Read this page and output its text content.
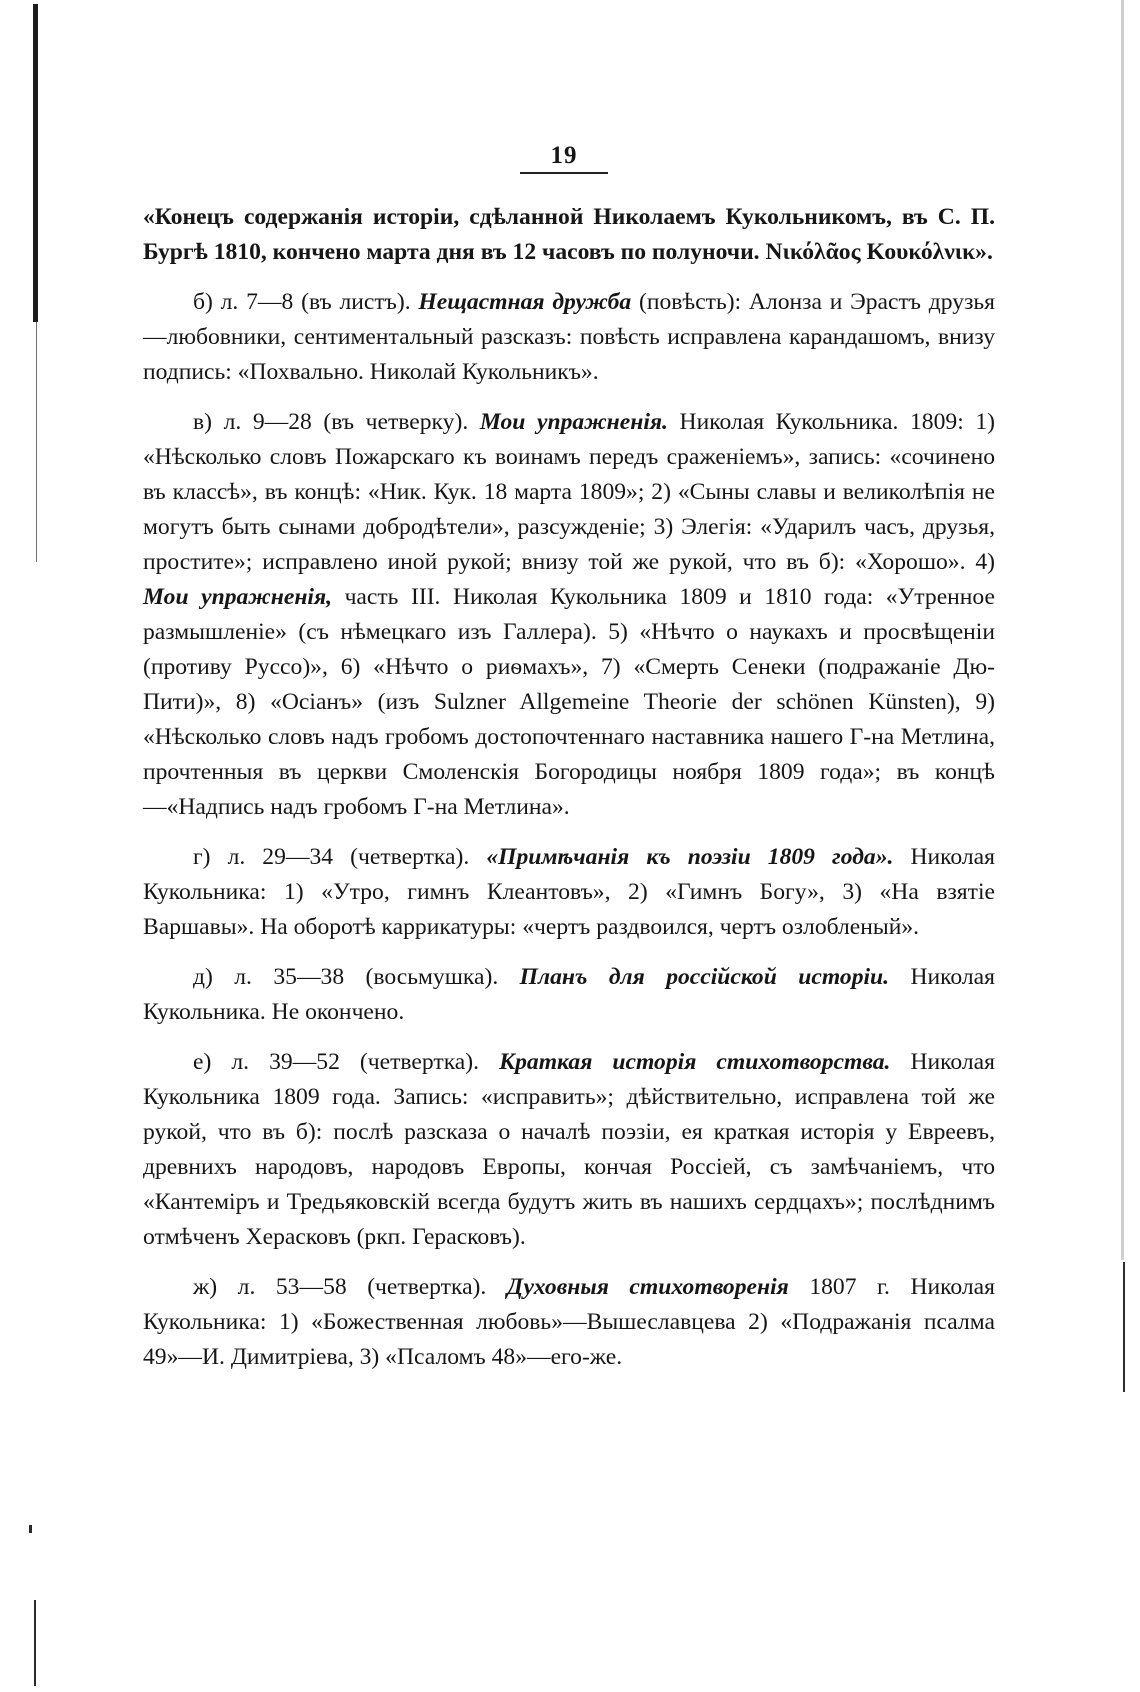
19

«Конецъ содержанія исторіи, сдѣланной Николаемъ Кукольникомъ, въ С. П. Бургѣ 1810, кончено марта дня въ 12 часовъ по полуночи. Νικόλᾶος Κουκόλνικ».

б) л. 7—8 (въ листъ). Нещастная дружба (повѣсть): Алонза и Эрастъ друзья—любовники, сентиментальный разсказъ: повѣсть исправлена карандашомъ, внизу подпись: «Похвально. Николай Кукольникъ».

в) л. 9—28 (въ четверку). Мои упражненія. Николая Кукольника. 1809: 1) «Нѣсколько словъ Пожарскаго къ воинамъ передъ сраженіемъ», запись: «сочинено въ классѣ», въ концѣ: «Ник. Кук. 18 марта 1809»; 2) «Сыны славы и великолѣпія не могутъ быть сынами добродѣтели», разсужденіе; 3) Элегія: «Ударилъ часъ, друзья, простите»; исправлено иной рукой; внизу той же рукой, что въ б): «Хорошо». 4) Мои упражненія, часть III. Николая Кукольника 1809 и 1810 года: «Утренное размышленіе» (съ нѣмецкаго изъ Галлера). 5) «Нѣчто о наукахъ и просвѣщеніи (противу Руссо)», 6) «Нѣчто о риѳмахъ», 7) «Смерть Сенеки (подражаніе Дю-Пити)», 8) «Осіанъ» (изъ Sulzner Allgemeine Theorie der schönen Künsten), 9) «Нѣсколько словъ надъ гробомъ достопочтеннаго наставника нашего Г-на Метлина, прочтенныя въ церкви Смоленскія Богородицы ноября 1809 года»; въ концѣ—«Надпись надъ гробомъ Г-на Метлина».

г) л. 29—34 (четвертка). «Примѣчанія къ поэзіи 1809 года». Николая Кукольника: 1) «Утро, гимнъ Клеантовъ», 2) «Гимнъ Богу», 3) «На взятіе Варшавы». На оборотѣ каррикатуры: «чертъ раздвоился, чертъ озлобленый».

д) л. 35—38 (восьмушка). Планъ для россійской исторіи. Николая Кукольника. Не окончено.

е) л. 39—52 (четвертка). Краткая исторія стихотворства. Николая Кукольника 1809 года. Запись: «исправить»; дѣйствительно, исправлена той же рукой, что въ б): послѣ разсказа о началѣ поэзіи, ея краткая исторія у Евреевъ, древнихъ народовъ, народовъ Европы, кончая Россіей, съ замѣчаніемъ, что «Кантеміръ и Тредьяковскій всегда будутъ жить въ нашихъ сердцахъ»; послѣднимъ отмѣченъ Херасковъ (ркп. Герасковъ).

ж) л. 53—58 (четвертка). Духовныя стихотворенія 1807 г. Николая Кукольника: 1) «Божественная любовь»—Вышеславцева 2) «Подражанія псалма 49»—И. Димитріева, 3) «Псаломъ 48»—его-же.
